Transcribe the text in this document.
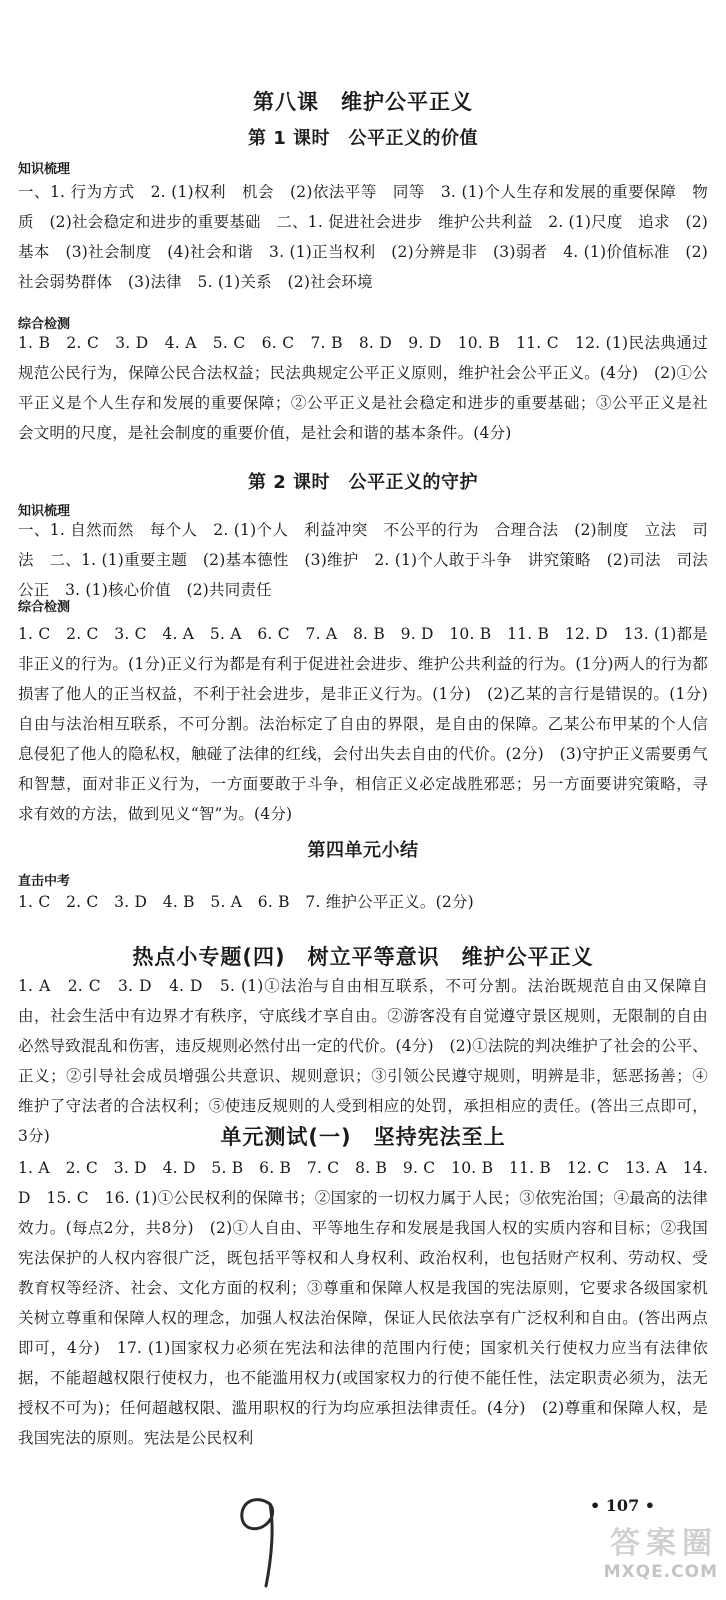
第八课　维护公平正义
第 1 课时　公平正义的价值
知识梳理
一、1. 行为方式　2. (1)权利　机会　(2)依法平等　同等　3. (1)个人生存和发展的重要保障　物质　(2)社会稳定和进步的重要基础　二、1. 促进社会进步　维护公共利益　2. (1)尺度　追求　(2)基本　(3)社会制度　(4)社会和谐　3. (1)正当权利　(2)分辨是非　(3)弱者　4. (1)价值标准　(2)社会弱势群体　(3)法律　5. (1)关系　(2)社会环境
综合检测
1. B　2. C　3. D　4. A　5. C　6. C　7. B　8. D　9. D　10. B　11. C　12. (1)民法典通过规范公民行为，保障公民合法权益；民法典规定公平正义原则，维护社会公平正义。(4分)　(2)①公平正义是个人生存和发展的重要保障；②公平正义是社会稳定和进步的重要基础；③公平正义是社会文明的尺度，是社会制度的重要价值，是社会和谐的基本条件。(4分)
第 2 课时　公平正义的守护
知识梳理
一、1. 自然而然　每个人　2. (1)个人　利益冲突　不公平的行为　合理合法　(2)制度　立法　司法　二、1. (1)重要主题　(2)基本德性　(3)维护　2. (1)个人敢于斗争　讲究策略　(2)司法　司法公正　3. (1)核心价值　(2)共同责任
综合检测
1. C　2. C　3. C　4. A　5. A　6. C　7. A　8. B　9. D　10. B　11. B　12. D　13. (1)都是非正义的行为。(1分)正义行为都是有利于促进社会进步、维护公共利益的行为。(1分)两人的行为都损害了他人的正当权益，不利于社会进步，是非正义行为。(1分)　(2)乙某的言行是错误的。(1分)自由与法治相互联系，不可分割。法治标定了自由的界限，是自由的保障。乙某公布甲某的个人信息侵犯了他人的隐私权，触碰了法律的红线，会付出失去自由的代价。(2分)　(3)守护正义需要勇气和智慧，面对非正义行为，一方面要敢于斗争，相信正义必定战胜邪恶；另一方面要讲究策略，寻求有效的方法，做到见义“智”为。(4分)
第四单元小结
直击中考
1. C　2. C　3. D　4. B　5. A　6. B　7. 维护公平正义。(2分)
热点小专题(四)　树立平等意识　维护公平正义
1. A　2. C　3. D　4. D　5. (1)①法治与自由相互联系，不可分割。法治既规范自由又保障自由，社会生活中有边界才有秩序，守底线才享自由。②游客没有自觉遵守景区规则，无限制的自由必然导致混乱和伤害，违反规则必然付出一定的代价。(4分)　(2)①法院的判决维护了社会的公平、正义；②引导社会成员增强公共意识、规则意识；③引领公民遵守规则，明辨是非，惩恶扬善；④维护了守法者的合法权利；⑤使违反规则的人受到相应的处罚，承担相应的责任。(答出三点即可，3分)	单元测试(一)　坚持宪法至上
1. A　2. C　3. D　4. D　5. B　6. B　7. C　8. B　9. C　10. B　11. B　12. C　13. A　14. D　15. C　16. (1)①公民权利的保障书；②国家的一切权力属于人民；③依宪治国；④最高的法律效力。(每点2分，共8分)　(2)①人自由、平等地生存和发展是我国人权的实质内容和目标；②我国宪法保护的人权内容很广泛，既包括平等权和人身权利、政治权利，也包括财产权利、劳动权、受教育权等经济、社会、文化方面的权利；③尊重和保障人权是我国的宪法原则，它要求各级国家机关树立尊重和保障人权的理念，加强人权法治保障，保证人民依法享有广泛权利和自由。(答出两点即可，4分)　17. (1)国家权力必须在宪法和法律的范围内行使；国家机关行使权力应当有法律依据，不能超越权限行使权力，也不能滥用权力(或国家权力的行使不能任性，法定职责必须为，法无授权不可为)；任何超越权限、滥用职权的行为均应承担法律责任。(4分)　(2)尊重和保障人权，是我国宪法的原则。宪法是公民权利
• 107 •
答案圈
MXQE.COM
